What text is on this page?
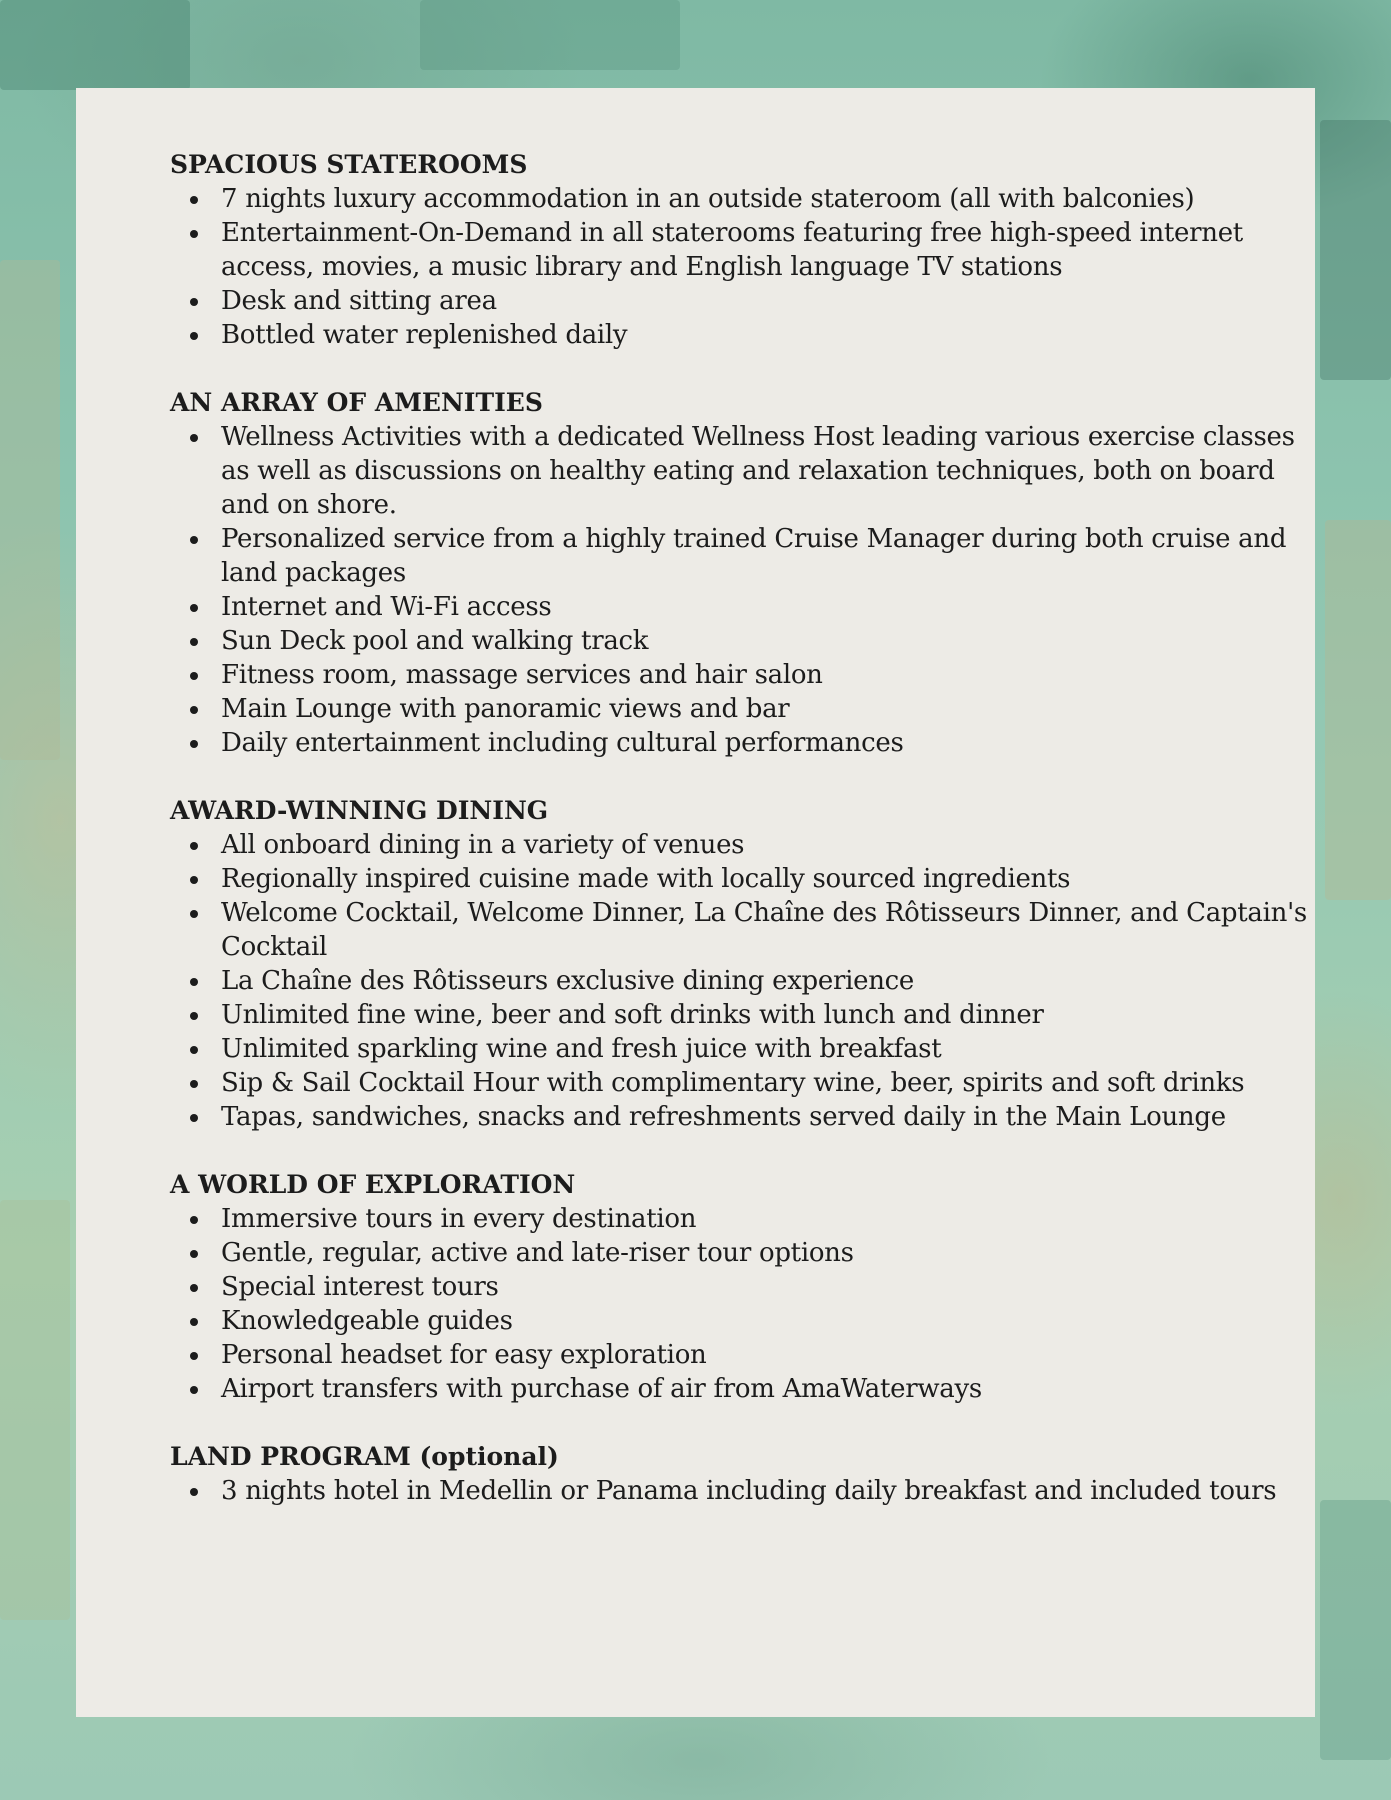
SPACIOUS STATEROOMS
7 nights luxury accommodation in an outside stateroom (all with balconies)
Entertainment-On-Demand in all staterooms featuring free high-speed internet access, movies, a music library and English language TV stations
Desk and sitting area
Bottled water replenished daily
AN ARRAY OF AMENITIES
Wellness Activities with a dedicated Wellness Host leading various exercise classes as well as discussions on healthy eating and relaxation techniques, both on board and on shore.
Personalized service from a highly trained Cruise Manager during both cruise and land packages
Internet and Wi-Fi access
Sun Deck pool and walking track
Fitness room, massage services and hair salon
Main Lounge with panoramic views and bar
Daily entertainment including cultural performances
AWARD-WINNING DINING
All onboard dining in a variety of venues
Regionally inspired cuisine made with locally sourced ingredients
Welcome Cocktail, Welcome Dinner, La Chaîne des Rôtisseurs Dinner, and Captain's Cocktail
La Chaîne des Rôtisseurs exclusive dining experience
Unlimited fine wine, beer and soft drinks with lunch and dinner
Unlimited sparkling wine and fresh juice with breakfast
Sip & Sail Cocktail Hour with complimentary wine, beer, spirits and soft drinks
Tapas, sandwiches, snacks and refreshments served daily in the Main Lounge
A WORLD OF EXPLORATION
Immersive tours in every destination
Gentle, regular, active and late-riser tour options
Special interest tours
Knowledgeable guides
Personal headset for easy exploration
Airport transfers with purchase of air from AmaWaterways
LAND PROGRAM (optional)
3 nights hotel in Medellin or Panama including daily breakfast and included tours
